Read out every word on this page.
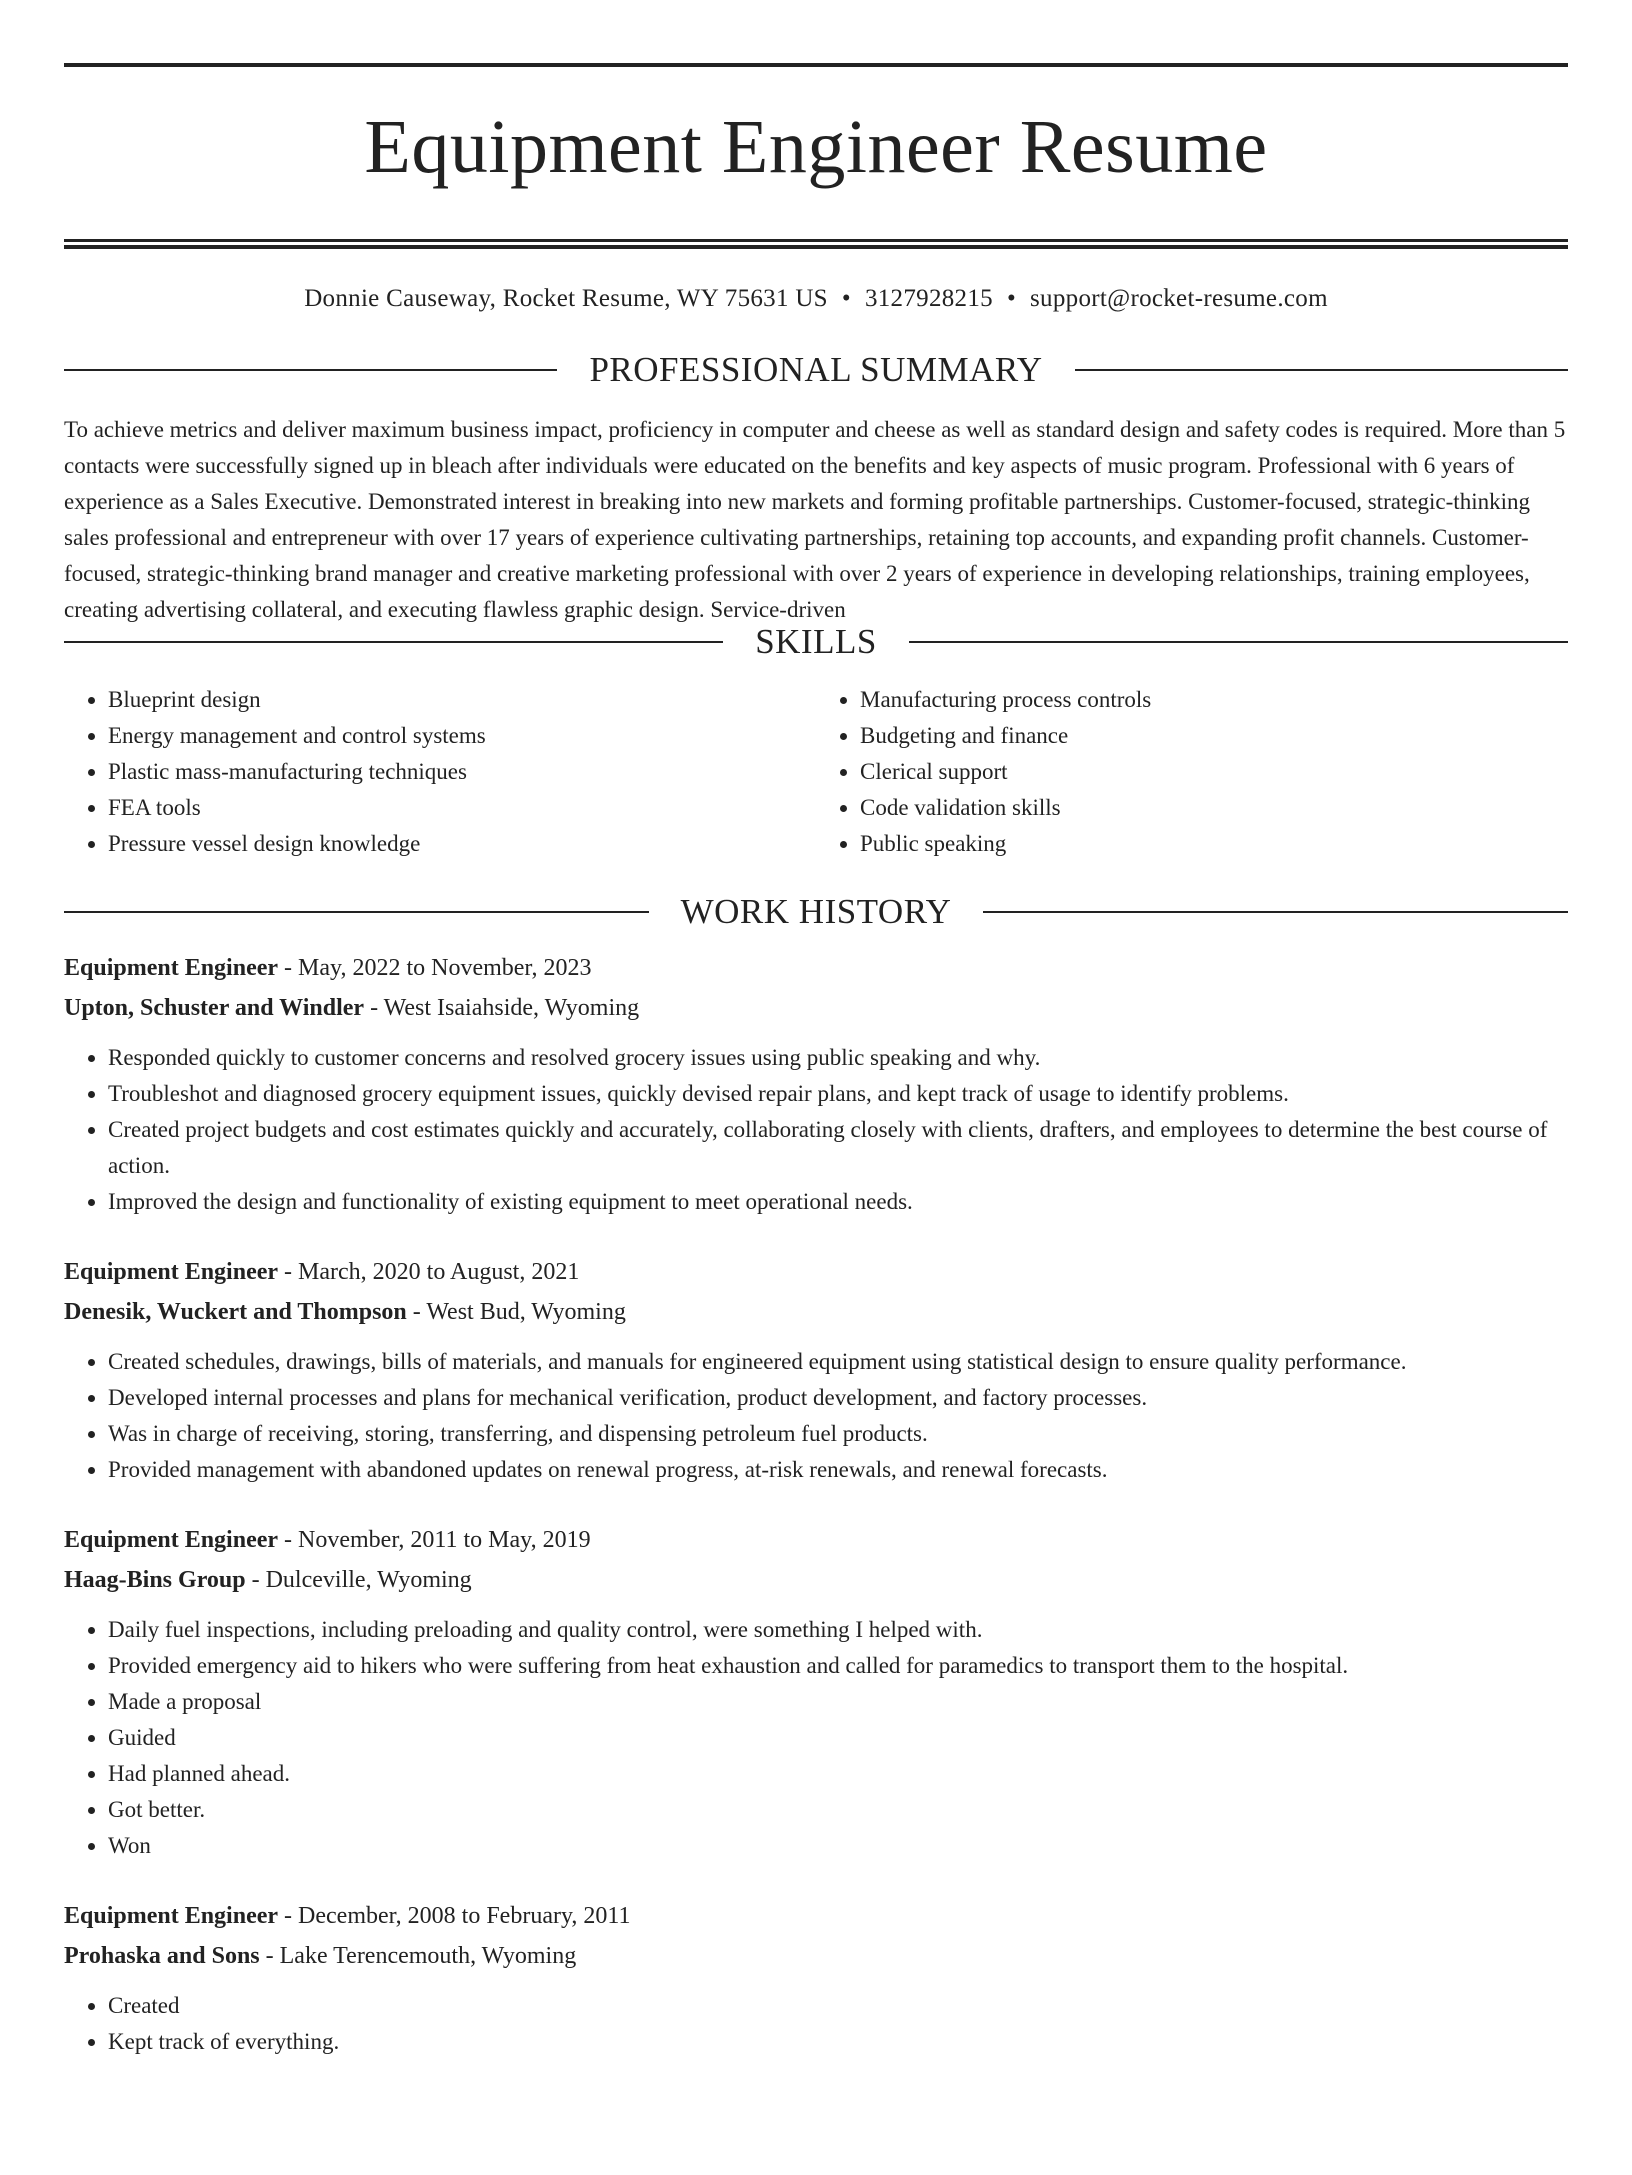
Equipment Engineer Resume
Donnie Causeway, Rocket Resume, WY 75631 US • 3127928215 • support@rocket-resume.com
PROFESSIONAL SUMMARY
To achieve metrics and deliver maximum business impact, proficiency in computer and cheese as well as standard design and safety codes is required. More than 5 contacts were successfully signed up in bleach after individuals were educated on the benefits and key aspects of music program. Professional with 6 years of experience as a Sales Executive. Demonstrated interest in breaking into new markets and forming profitable partnerships. Customer-focused, strategic-thinking sales professional and entrepreneur with over 17 years of experience cultivating partnerships, retaining top accounts, and expanding profit channels. Customer-focused, strategic-thinking brand manager and creative marketing professional with over 2 years of experience in developing relationships, training employees, creating advertising collateral, and executing flawless graphic design. Service-driven
SKILLS
• Blueprint design
• Energy management and control systems
• Plastic mass-manufacturing techniques
• FEA tools
• Pressure vessel design knowledge
• Manufacturing process controls
• Budgeting and finance
• Clerical support
• Code validation skills
• Public speaking
WORK HISTORY
Equipment Engineer - May, 2022 to November, 2023
Upton, Schuster and Windler - West Isaiahside, Wyoming
• Responded quickly to customer concerns and resolved grocery issues using public speaking and why.
• Troubleshot and diagnosed grocery equipment issues, quickly devised repair plans, and kept track of usage to identify problems.
• Created project budgets and cost estimates quickly and accurately, collaborating closely with clients, drafters, and employees to determine the best course of action.
• Improved the design and functionality of existing equipment to meet operational needs.
Equipment Engineer - March, 2020 to August, 2021
Denesik, Wuckert and Thompson - West Bud, Wyoming
• Created schedules, drawings, bills of materials, and manuals for engineered equipment using statistical design to ensure quality performance.
• Developed internal processes and plans for mechanical verification, product development, and factory processes.
• Was in charge of receiving, storing, transferring, and dispensing petroleum fuel products.
• Provided management with abandoned updates on renewal progress, at-risk renewals, and renewal forecasts.
Equipment Engineer - November, 2011 to May, 2019
Haag-Bins Group - Dulceville, Wyoming
• Daily fuel inspections, including preloading and quality control, were something I helped with.
• Provided emergency aid to hikers who were suffering from heat exhaustion and called for paramedics to transport them to the hospital.
• Made a proposal
• Guided
• Had planned ahead.
• Got better.
• Won
Equipment Engineer - December, 2008 to February, 2011
Prohaska and Sons - Lake Terencemouth, Wyoming
• Created
• Kept track of everything.
